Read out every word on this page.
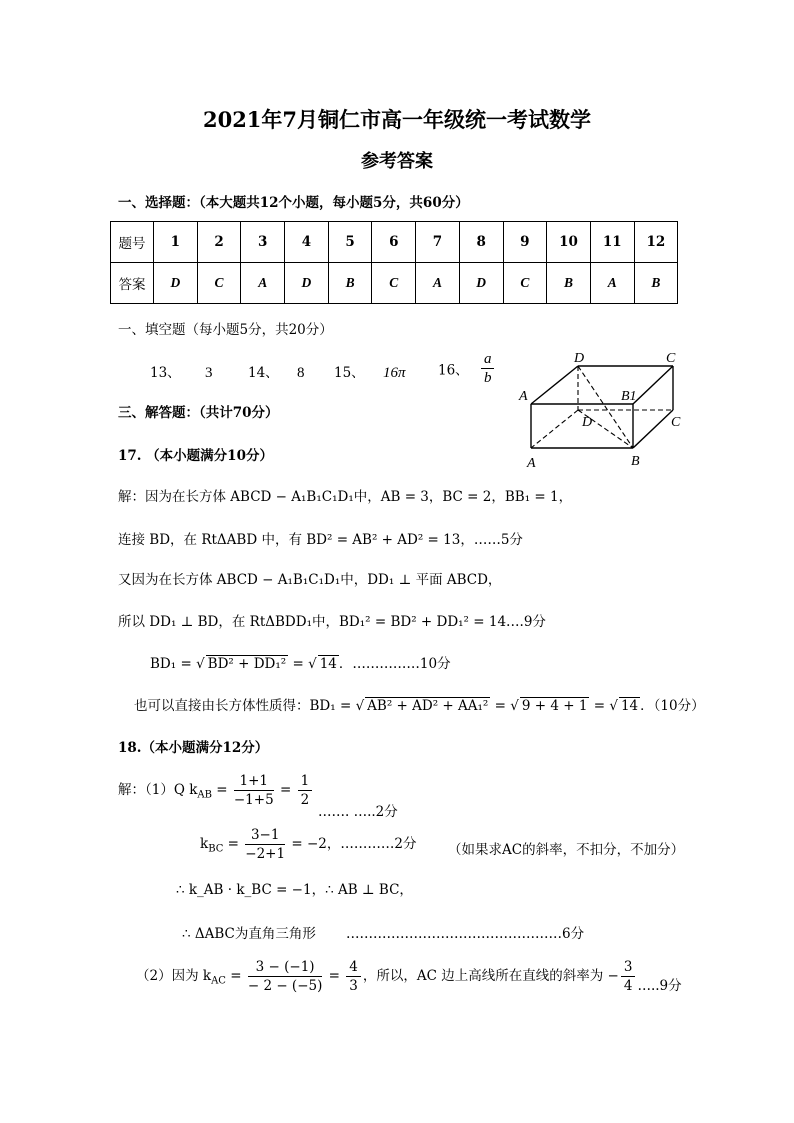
2021年7月铜仁市高一年级统一考试数学
参考答案
一、选择题：（本大题共12个小题，每小题5分，共60分）
题号	1	2	3	4	5	6	7	8	9	10	11	12
答案	D	C	A	D	B	C	A	D	C	B	A	B
一、填空题（每小题5分，共20分）
13、 3	14、 8 15、 16π 16、 $\frac{a}{b}$	D	C
A	B1
C
D
A	B
三、解答题：（共计70分）
17. （本小题满分10分）
解：因为在长方体 ABCD − A₁B₁C₁D₁中，AB = 3，BC = 2，BB₁ = 1，
连接 BD，在 RtΔABD 中，有 BD² = AB² + AD² = 13，……5分
又因为在长方体 ABCD − A₁B₁C₁D₁中，DD₁ ⊥ 平面 ABCD，
所以 DD₁ ⊥ BD，在 RtΔBDD₁中，BD₁² = BD² + DD₁² = 14….9分
BD₁ = √ BD² + DD₁² = √ 14 ．……………10分
也可以直接由长方体性质得：BD₁ = √ AB² + AD² + AA₁² = √ 9 + 4 + 1 = √ 14 ．（10分）
18.（本小题满分12分）
解：（1）Q $k_{AB} = \frac{1+1}{-1+5} = \frac{1}{2}$
……. …..2分
$k_{BC} = \frac{3-1}{-2+1} = -2$，…………2分 （如果求AC的斜率，不扣分，不加分）
∴ k_AB · k_BC = −1，∴ AB ⊥ BC，
∴ ΔABC为直角三角形 …………………………………………6分
（2）因为 $k_{AC} = \frac{3 - (-1)}{- 2 - (-5)} = \frac{4}{3}$ ，所以，AC 边上高线所在直线的斜率为 − $\frac{3}{4}$ …..9分
